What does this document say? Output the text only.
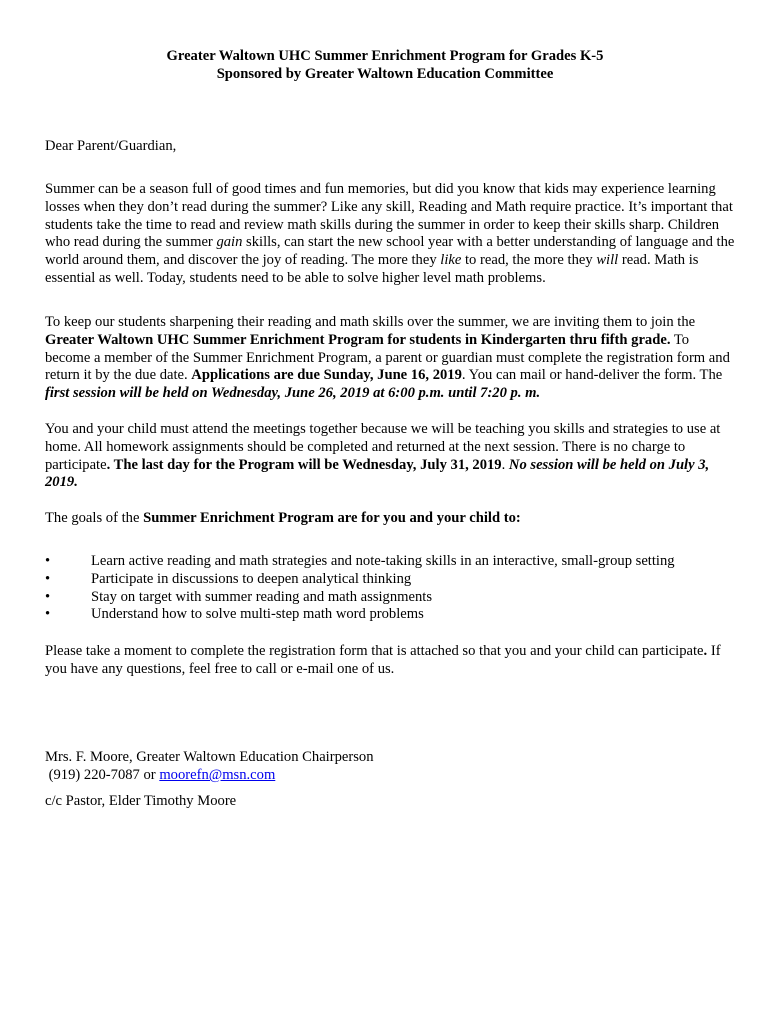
Greater Waltown UHC Summer Enrichment Program for Grades K-5
Sponsored by Greater Waltown Education Committee

Dear Parent/Guardian,

Summer can be a season full of good times and fun memories, but did you know that kids may experience learning losses when they don’t read during the summer? Like any skill, Reading and Math require practice. It’s important that students take the time to read and review math skills during the summer in order to keep their skills sharp. Children who read during the summer gain skills, can start the new school year with a better understanding of language and the world around them, and discover the joy of reading. The more they like to read, the more they will read. Math is essential as well. Today, students need to be able to solve higher level math problems.

To keep our students sharpening their reading and math skills over the summer, we are inviting them to join the Greater Waltown UHC Summer Enrichment Program for students in Kindergarten thru fifth grade. To become a member of the Summer Enrichment Program, a parent or guardian must complete the registration form and return it by the due date. Applications are due Sunday, June 16, 2019. You can mail or hand-deliver the form. The first session will be held on Wednesday, June 26, 2019 at 6:00 p.m. until 7:20 p. m.

You and your child must attend the meetings together because we will be teaching you skills and strategies to use at home. All homework assignments should be completed and returned at the next session. There is no charge to participate. The last day for the Program will be Wednesday, July 31, 2019. No session will be held on July 3, 2019.

The goals of the Summer Enrichment Program are for you and your child to:

•	Learn active reading and math strategies and note-taking skills in an interactive, small-group setting
•	Participate in discussions to deepen analytical thinking
•	Stay on target with summer reading and math assignments
•	Understand how to solve multi-step math word problems

Please take a moment to complete the registration form that is attached so that you and your child can participate. If you have any questions, feel free to call or e-mail one of us.

Mrs. F. Moore, Greater Waltown Education Chairperson

(919) 220-7087 or moorefn@msn.com

c/c Pastor, Elder Timothy Moore
